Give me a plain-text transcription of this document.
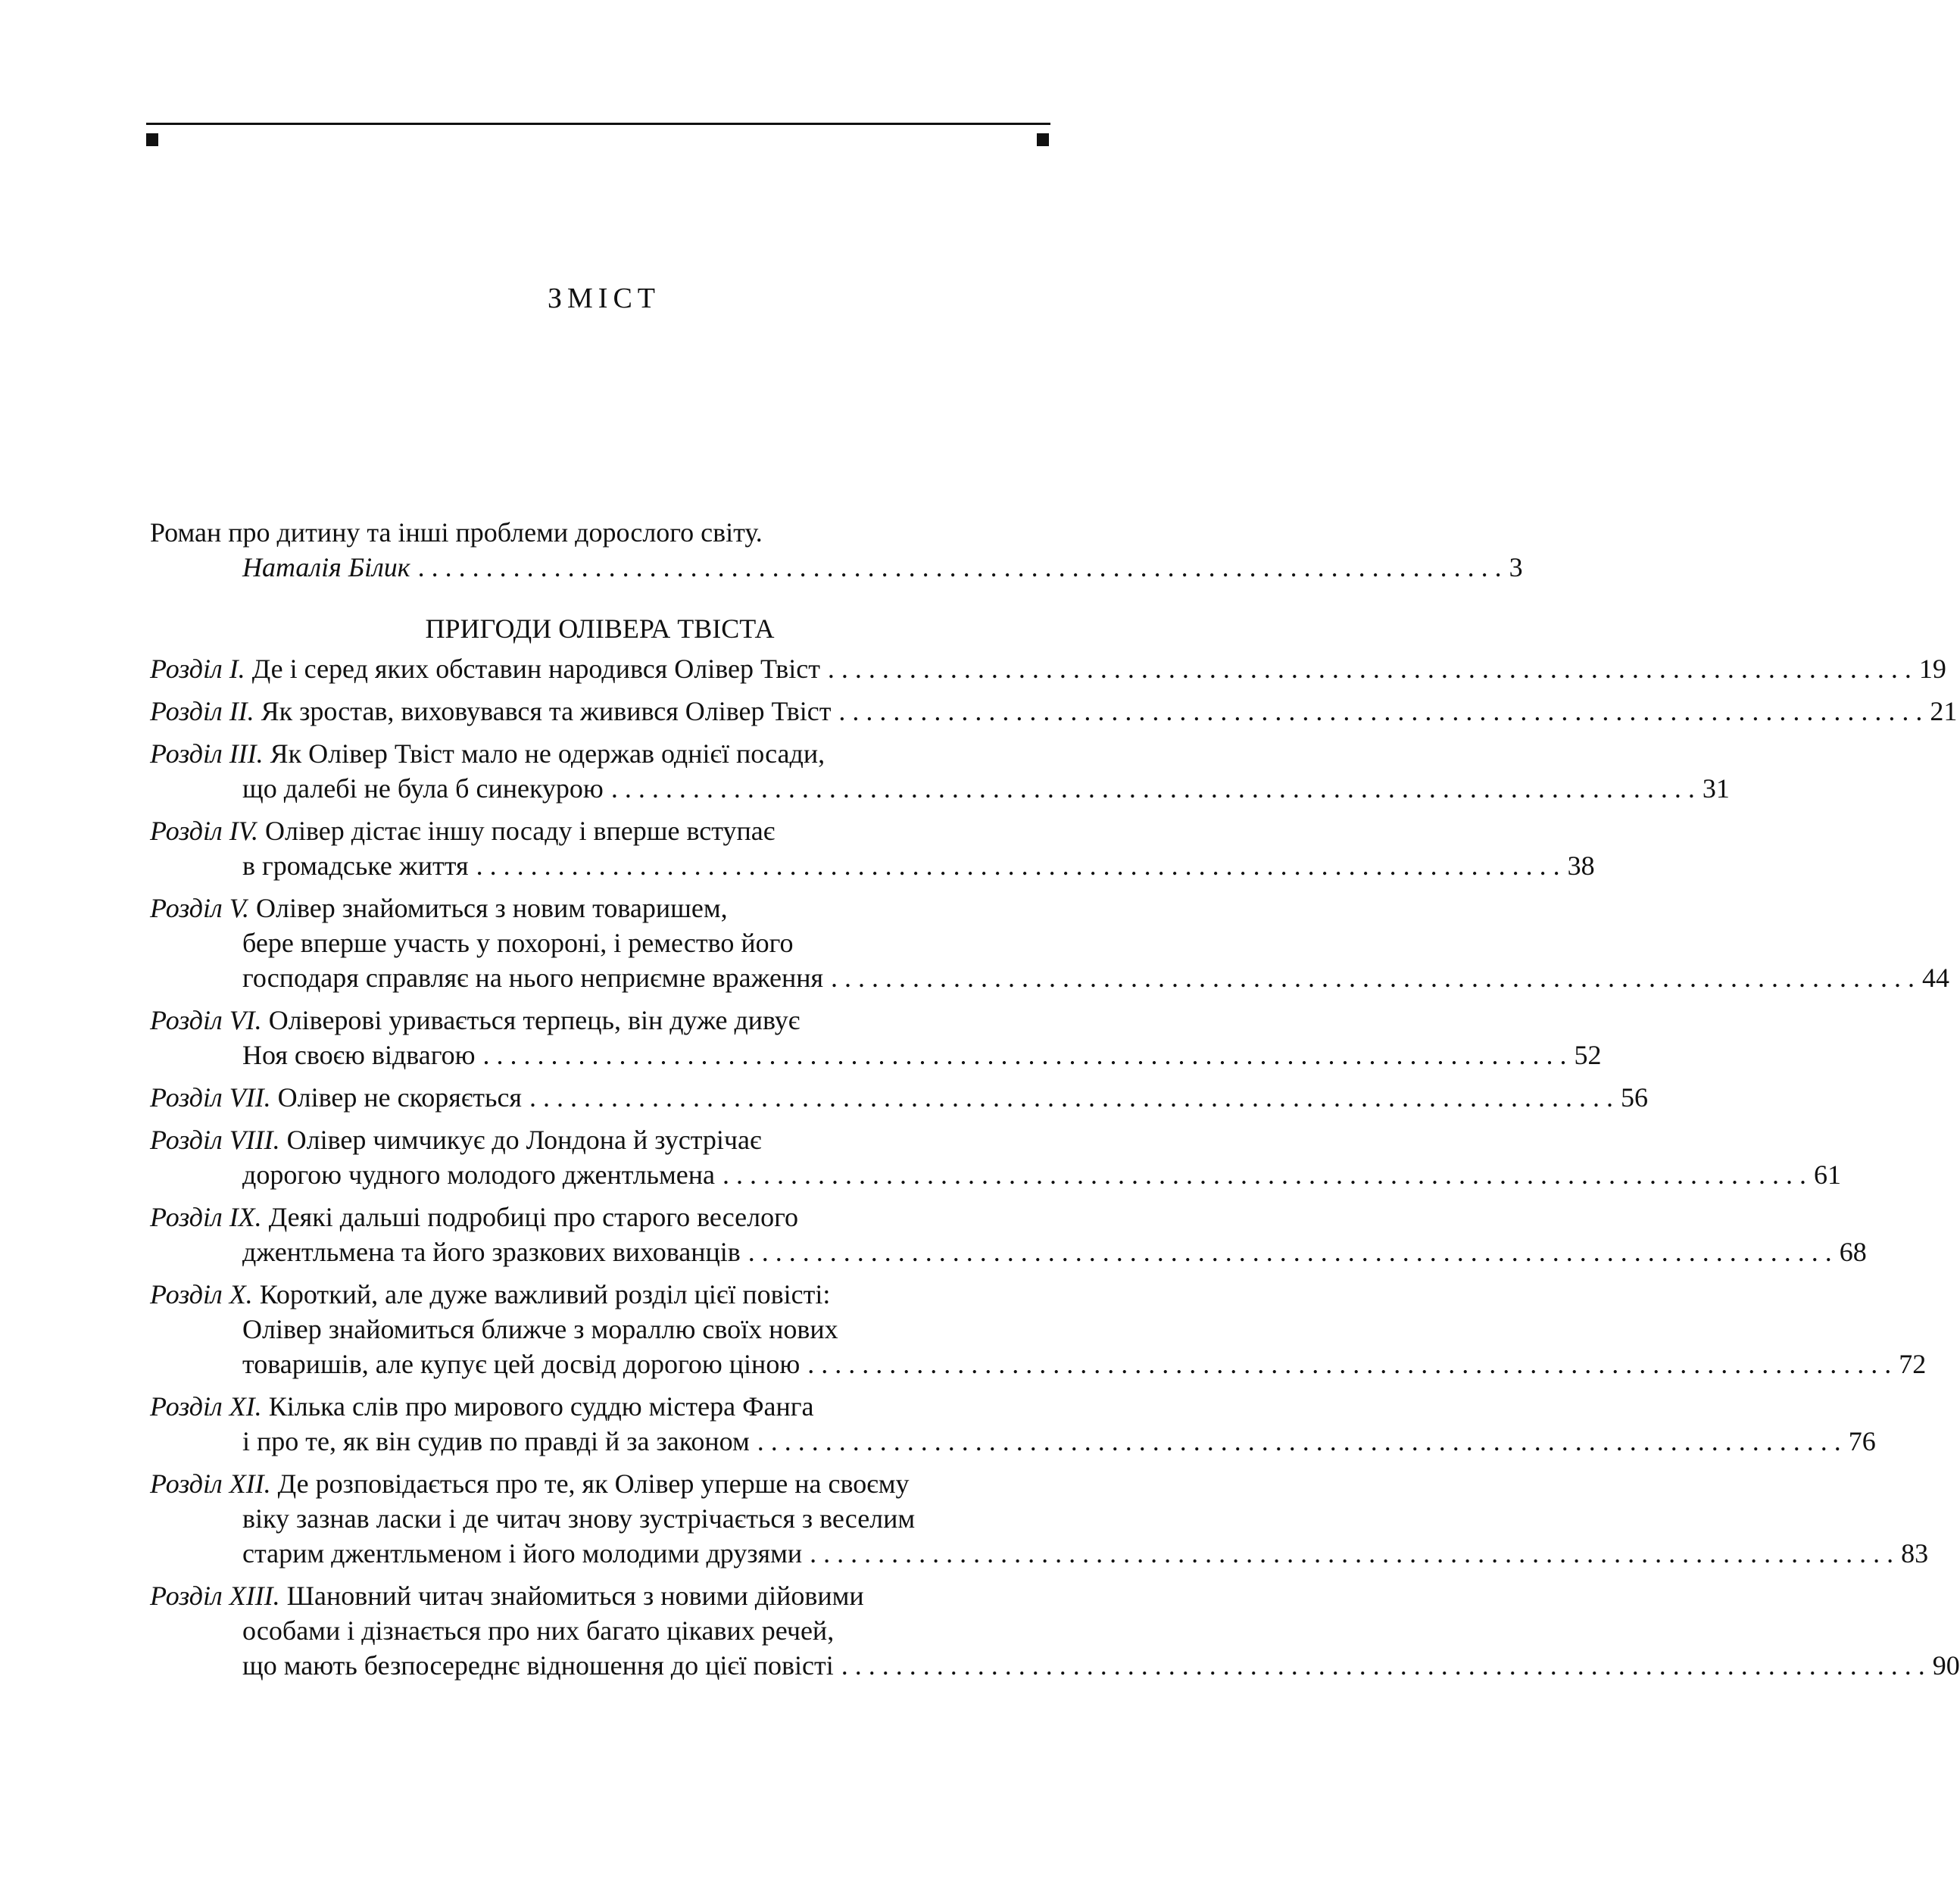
ЗМІСТ
Роман про дитину та інші проблеми дорослого світу.
Наталія Білик . . . . . . . . . . . . . . . . . . . . . . . . . . . . . . . . . . . . . . . . . . . . . . . . . . . . . . . . . . . . . . . . . . . . . . . . . . . . . . . . 3
ПРИГОДИ ОЛІВЕРА ТВІСТА
Розділ I. Де і серед яких обставин народився Олівер Твіст . . . . . . . . . . . . . . . . . . . . . . . . . . . . . . . . . . . . . . . . . . . . . . . . . . . . . . . . . . . . . . . . . . . . . . . . . . . . . . . . 19
Розділ II. Як зростав, виховувався та живився Олівер Твіст . . . . . . . . . . . . . . . . . . . . . . . . . . . . . . . . . . . . . . . . . . . . . . . . . . . . . . . . . . . . . . . . . . . . . . . . . . . . . . . . 21
Розділ III. Як Олівер Твіст мало не одержав однієї посади,
що далебі не була б синекурою . . . . . . . . . . . . . . . . . . . . . . . . . . . . . . . . . . . . . . . . . . . . . . . . . . . . . . . . . . . . . . . . . . . . . . . . . . . . . . . . 31
Розділ IV. Олівер дістає іншу посаду і вперше вступає
в громадське життя . . . . . . . . . . . . . . . . . . . . . . . . . . . . . . . . . . . . . . . . . . . . . . . . . . . . . . . . . . . . . . . . . . . . . . . . . . . . . . . . 38
Розділ V. Олівер знайомиться з новим товаришем,
бере вперше участь у похороні, і ремество його
господаря справляє на нього неприємне враження . . . . . . . . . . . . . . . . . . . . . . . . . . . . . . . . . . . . . . . . . . . . . . . . . . . . . . . . . . . . . . . . . . . . . . . . . . . . . . . . 44
Розділ VI. Оліверові уривається терпець, він дуже дивує
Ноя своєю відвагою . . . . . . . . . . . . . . . . . . . . . . . . . . . . . . . . . . . . . . . . . . . . . . . . . . . . . . . . . . . . . . . . . . . . . . . . . . . . . . . . 52
Розділ VII. Олівер не скоряється . . . . . . . . . . . . . . . . . . . . . . . . . . . . . . . . . . . . . . . . . . . . . . . . . . . . . . . . . . . . . . . . . . . . . . . . . . . . . . . . 56
Розділ VIII. Олівер чимчикує до Лондона й зустрічає
дорогою чудного молодого джентльмена . . . . . . . . . . . . . . . . . . . . . . . . . . . . . . . . . . . . . . . . . . . . . . . . . . . . . . . . . . . . . . . . . . . . . . . . . . . . . . . . 61
Розділ IX. Деякі дальші подробиці про старого веселого
джентльмена та його зразкових вихованців . . . . . . . . . . . . . . . . . . . . . . . . . . . . . . . . . . . . . . . . . . . . . . . . . . . . . . . . . . . . . . . . . . . . . . . . . . . . . . . . 68
Розділ X. Короткий, але дуже важливий розділ цієї повісті:
Олівер знайомиться ближче з мораллю своїх нових
товаришів, але купує цей досвід дорогою ціною . . . . . . . . . . . . . . . . . . . . . . . . . . . . . . . . . . . . . . . . . . . . . . . . . . . . . . . . . . . . . . . . . . . . . . . . . . . . . . . . 72
Розділ XI. Кілька слів про мирового суддю містера Фанга
і про те, як він судив по правді й за законом . . . . . . . . . . . . . . . . . . . . . . . . . . . . . . . . . . . . . . . . . . . . . . . . . . . . . . . . . . . . . . . . . . . . . . . . . . . . . . . . 76
Розділ XII. Де розповідається про те, як Олівер уперше на своєму
віку зазнав ласки і де читач знову зустрічається з веселим
старим джентльменом і його молодими друзями . . . . . . . . . . . . . . . . . . . . . . . . . . . . . . . . . . . . . . . . . . . . . . . . . . . . . . . . . . . . . . . . . . . . . . . . . . . . . . . . 83
Розділ XIII. Шановний читач знайомиться з новими дійовими
особами і дізнається про них багато цікавих речей,
що мають безпосереднє відношення до цієї повісті . . . . . . . . . . . . . . . . . . . . . . . . . . . . . . . . . . . . . . . . . . . . . . . . . . . . . . . . . . . . . . . . . . . . . . . . . . . . . . . . 90
